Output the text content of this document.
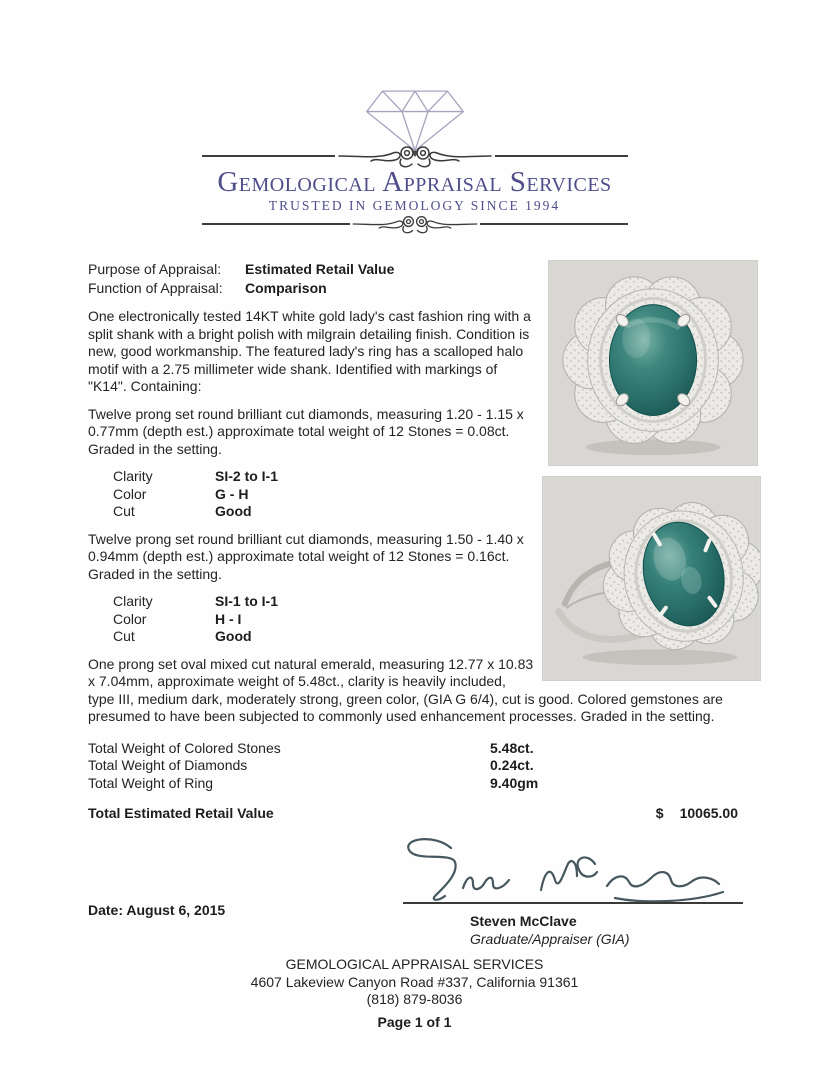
Gemological Appraisal Services
TRUSTED IN GEMOLOGY SINCE 1994
Purpose of Appraisal: Estimated Retail Value
Function of Appraisal: Comparison

One electronically tested 14KT white gold lady's cast fashion ring with a split shank with a bright polish with milgrain detailing finish. Condition is new, good workmanship. The featured lady's ring has a scalloped halo motif with a 2.75 millimeter wide shank. Identified with markings of "K14". Containing:

Twelve prong set round brilliant cut diamonds, measuring 1.20 - 1.15 x 0.77mm (depth est.) approximate total weight of 12 Stones = 0.08ct. Graded in the setting.

Clarity	SI-2 to I-1
Color	G - H
Cut	Good

Twelve prong set round brilliant cut diamonds, measuring 1.50 - 1.40 x 0.94mm (depth est.) approximate total weight of 12 Stones = 0.16ct. Graded in the setting.

Clarity	SI-1 to I-1
Color	H - I
Cut	Good

One prong set oval mixed cut natural emerald, measuring 12.77 x 10.83 x 7.04mm, approximate weight of 5.48ct., clarity is heavily included, type III, medium dark, moderately strong, green color, (GIA G 6/4), cut is good. Colored gemstones are presumed to have been subjected to commonly used enhancement processes. Graded in the setting.

Total Weight of Colored Stones	5.48ct.
Total Weight of Diamonds	0.24ct.
Total Weight of Ring	9.40gm
Total Estimated Retail Value	$ 10065.00
Date: August 6, 2015
Steven McClave
Graduate/Appraiser (GIA)
GEMOLOGICAL APPRAISAL SERVICES
4607 Lakeview Canyon Road #337, California 91361
(818) 879-8036
Page 1 of 1
